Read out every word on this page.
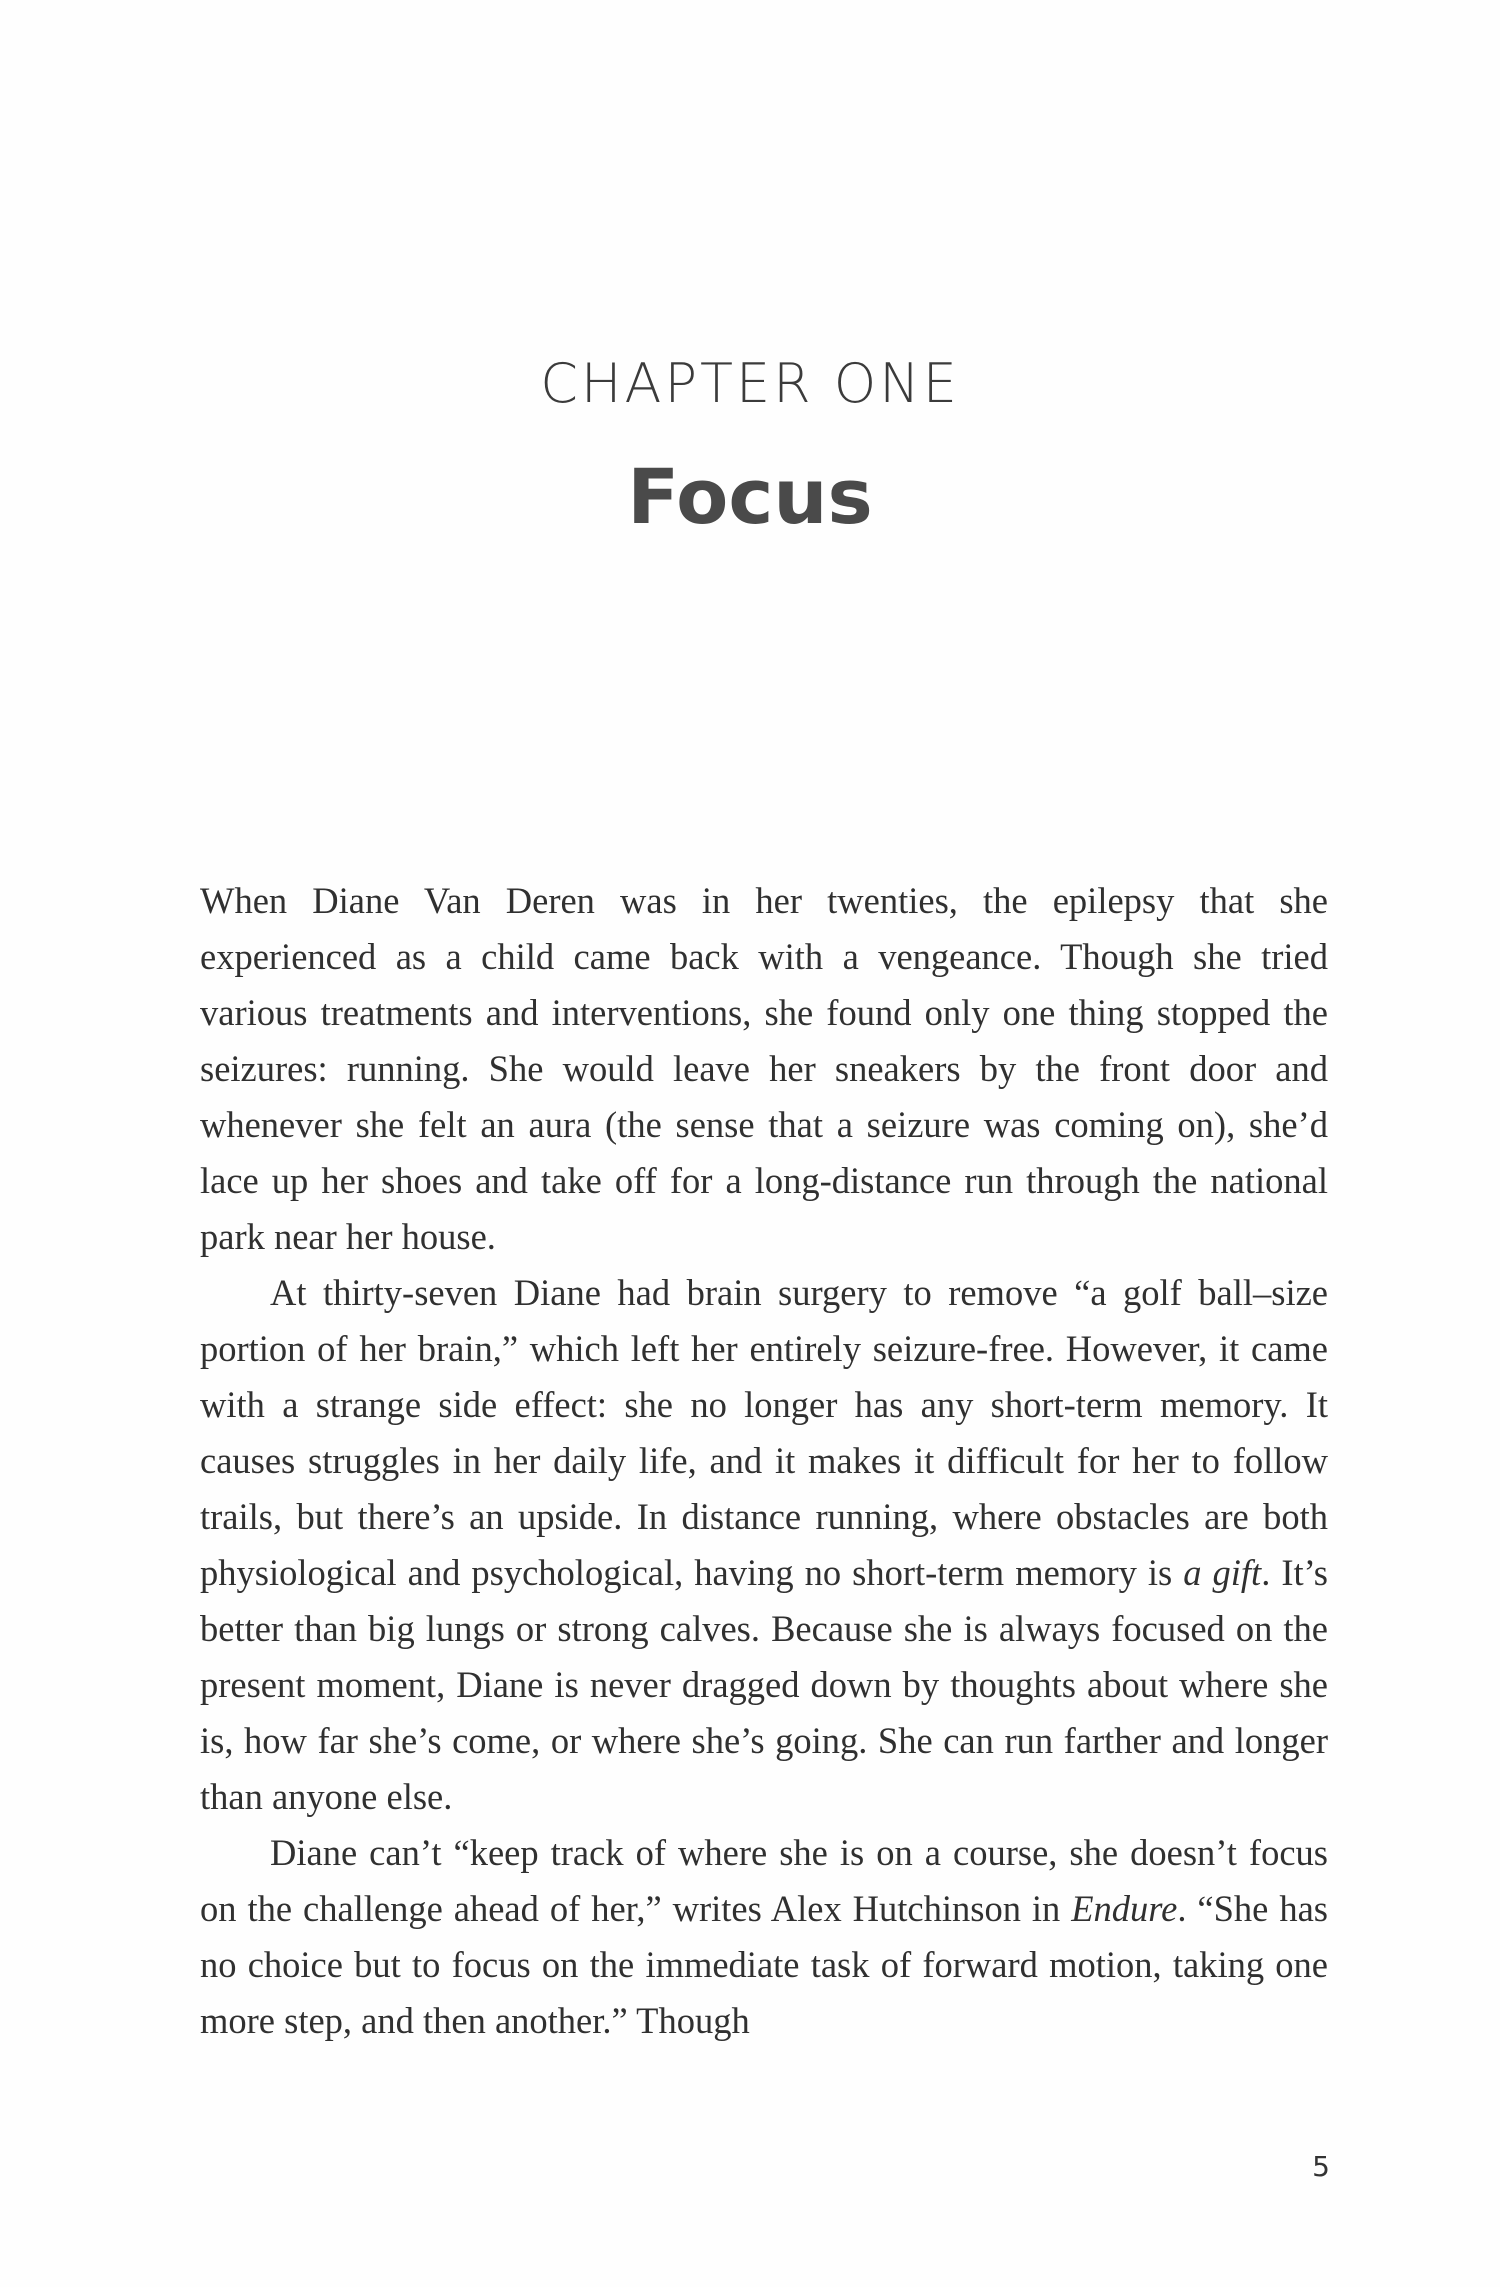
CHAPTER ONE
Focus

When Diane Van Deren was in her twenties, the epilepsy that she experienced as a child came back with a vengeance. Though she tried various treatments and interventions, she found only one thing stopped the seizures: running. She would leave her sneakers by the front door and whenever she felt an aura (the sense that a seizure was coming on), she’d lace up her shoes and take off for a long-distance run through the national park near her house.

At thirty-seven Diane had brain surgery to remove “a golf ball–size portion of her brain,” which left her entirely seizure-free. However, it came with a strange side effect: she no longer has any short-term memory. It causes struggles in her daily life, and it makes it difficult for her to follow trails, but there’s an upside. In distance running, where obstacles are both physiological and psychological, having no short-term memory is a gift. It’s better than big lungs or strong calves. Because she is always focused on the present moment, Diane is never dragged down by thoughts about where she is, how far she’s come, or where she’s going. She can run farther and longer than anyone else.

Diane can’t “keep track of where she is on a course, she doesn’t focus on the challenge ahead of her,” writes Alex Hutchinson in Endure. “She has no choice but to focus on the immediate task of forward motion, taking one more step, and then another.” Though

5
